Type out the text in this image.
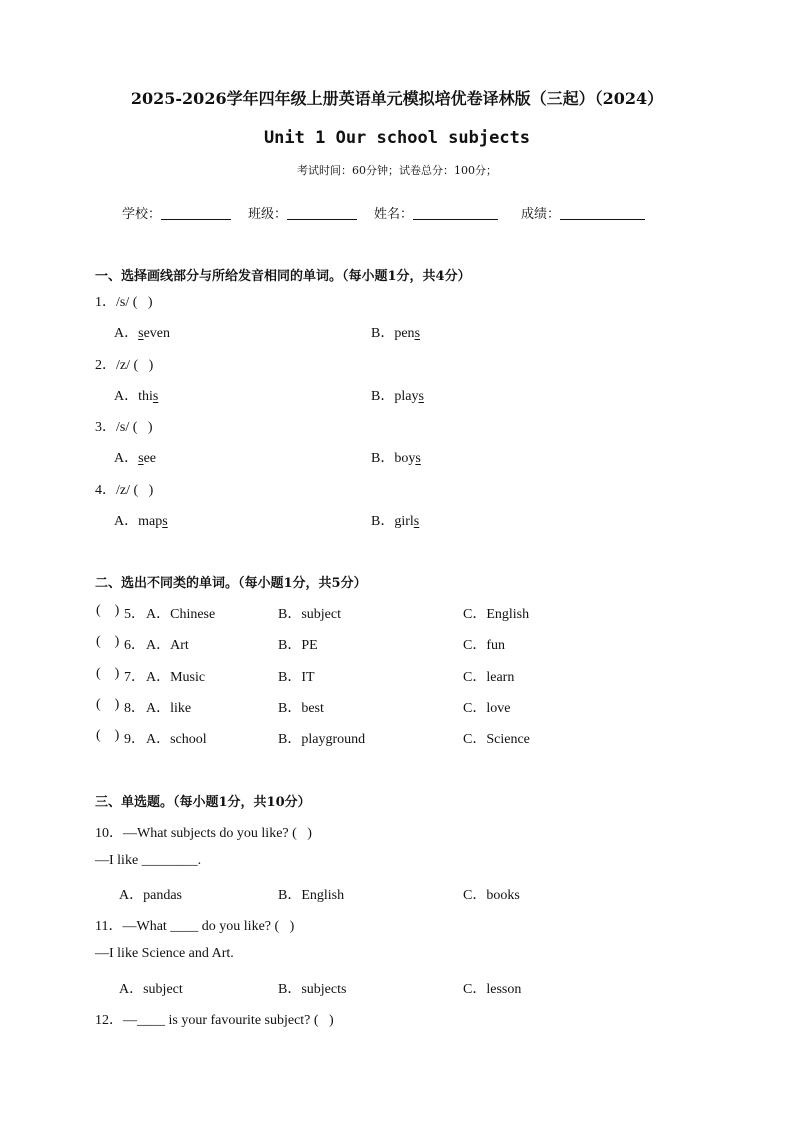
2025-2026学年四年级上册英语单元模拟培优卷译林版（三起）（2024）
Unit 1 Our school subjects
考试时间：60分钟；试卷总分：100分；
学校：	班级：	姓名：	成绩：
一、选择画线部分与所给发音相同的单词。（每小题1分，共4分）
1．/s/ (   )
A．seven	B．pens
2．/z/ (   )
A．this	B．plays
3．/s/ (   )
A．see	B．boys
4．/z/ (   )
A．maps	B．girls
二、选出不同类的单词。（每小题1分，共5分）
(    ) 5． A．Chinese	B．subject	C．English
(    ) 6． A．Art	B．PE	C．fun
(    ) 7． A．Music	B．IT	C．learn
(    ) 8． A．like	B．best	C．love
(    ) 9． A．school	B．playground	C．Science
三、单选题。（每小题1分，共10分）
10．—What subjects do you like? (   )
—I like ________.
A．pandas	B．English	C．books
11．—What ____ do you like? (   )
—I like Science and Art.
A．subject	B．subjects	C．lesson
12．—____ is your favourite subject? (   )
